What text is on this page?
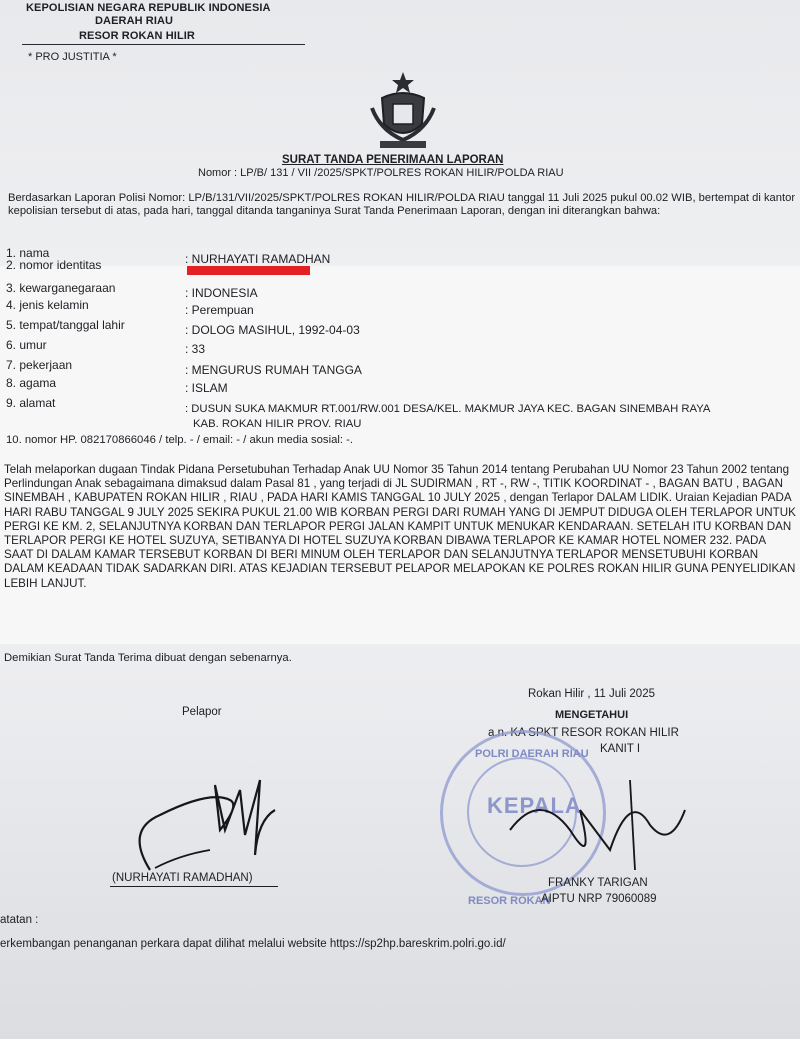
KEPOLISIAN NEGARA REPUBLIK INDONESIA
DAERAH RIAU
RESOR ROKAN HILIR
* PRO JUSTITIA *
SURAT TANDA PENERIMAAN LAPORAN
Nomor : LP/B/ 131 / VII /2025/SPKT/POLRES ROKAN HILIR/POLDA RIAU
Berdasarkan Laporan Polisi Nomor: LP/B/131/VII/2025/SPKT/POLRES ROKAN HILIR/POLDA RIAU tanggal 11 Juli 2025 pukul 00.02 WIB, bertempat di kantor kepolisian tersebut di atas, pada hari, tanggal ditanda tanganinya Surat Tanda Penerimaan Laporan, dengan ini diterangkan bahwa:
1. nama	: NURHAYATI RAMADHAN
2. nomor identitas
3. kewarganegaraan	: INDONESIA
4. jenis kelamin	: Perempuan
5. tempat/tanggal lahir	: DOLOG MASIHUL, 1992-04-03
6. umur	: 33
7. pekerjaan	: MENGURUS RUMAH TANGGA
8. agama	: ISLAM
9. alamat	: DUSUN SUKA MAKMUR RT.001/RW.001 DESA/KEL. MAKMUR JAYA KEC. BAGAN SINEMBAH RAYA
KAB. ROKAN HILIR PROV. RIAU
10. nomor HP. 082170866046 / telp. - / email: - / akun media sosial: -.
Telah melaporkan dugaan Tindak Pidana Persetubuhan Terhadap Anak UU Nomor 35 Tahun 2014 tentang Perubahan UU Nomor 23 Tahun 2002 tentang Perlindungan Anak sebagaimana dimaksud dalam Pasal 81 , yang terjadi di JL SUDIRMAN , RT -, RW -, TITIK KOORDINAT - , BAGAN BATU , BAGAN SINEMBAH , KABUPATEN ROKAN HILIR , RIAU , PADA HARI KAMIS TANGGAL 10 JULY 2025 , dengan Terlapor DALAM LIDIK. Uraian Kejadian PADA HARI RABU TANGGAL 9 JULY 2025 SEKIRA PUKUL 21.00 WIB KORBAN PERGI DARI RUMAH YANG DI JEMPUT DIDUGA OLEH TERLAPOR UNTUK PERGI KE KM. 2, SELANJUTNYA KORBAN DAN TERLAPOR PERGI JALAN KAMPIT UNTUK MENUKAR KENDARAAN. SETELAH ITU KORBAN DAN TERLAPOR PERGI KE HOTEL SUZUYA, SETIBANYA DI HOTEL SUZUYA KORBAN DIBAWA TERLAPOR KE KAMAR HOTEL NOMER 232. PADA SAAT DI DALAM KAMAR TERSEBUT KORBAN DI BERI MINUM OLEH TERLAPOR DAN SELANJUTNYA TERLAPOR MENSETUBUHI KORBAN DALAM KEADAAN TIDAK SADARKAN DIRI. ATAS KEJADIAN TERSEBUT PELAPOR MELAPOKAN KE POLRES ROKAN HILIR GUNA PENYELIDIKAN LEBIH LANJUT.
Demikian Surat Tanda Terima dibuat dengan sebenarnya.
Rokan Hilir , 11 Juli 2025
Pelapor	MENGETAHUI
a.n. KA SPKT RESOR ROKAN HILIR
KANIT I
KEPALA
POLRI DAERAH RIAU
RESOR ROKAN
(NURHAYATI RAMADHAN)	FRANKY TARIGAN
AIPTU NRP 79060089
atatan :
erkembangan penanganan perkara dapat dilihat melalui website https://sp2hp.bareskrim.polri.go.id/
